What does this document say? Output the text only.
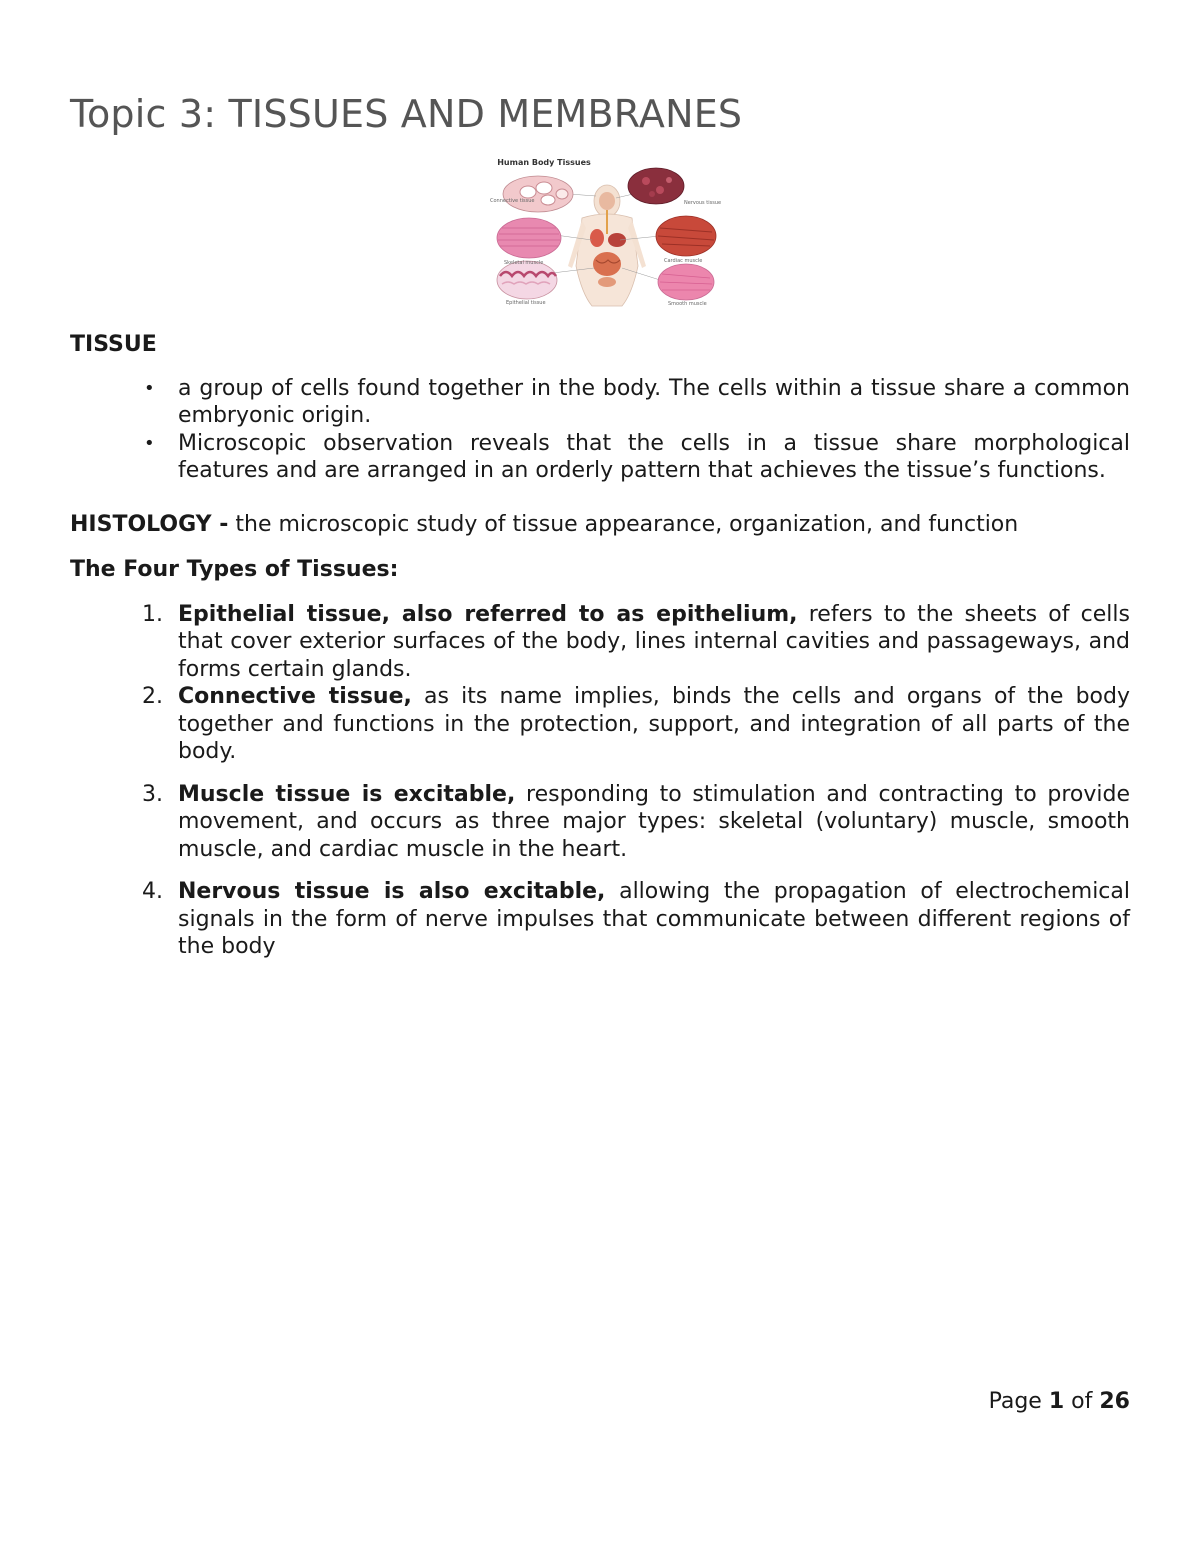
Topic 3: TISSUES AND MEMBRANES
Human Body Tissues
Connective tissue	Nervous tissue
Skeletal muscle	Cardiac muscle
Epithelial tissue	Smooth muscle

TISSUE

• a group of cells found together in the body. The cells within a tissue share a common embryonic origin.
• Microscopic observation reveals that the cells in a tissue share morphological features and are arranged in an orderly pattern that achieves the tissue’s functions.

HISTOLOGY - the microscopic study of tissue appearance, organization, and function

The Four Types of Tissues:

1. Epithelial tissue, also referred to as epithelium, refers to the sheets of cells that cover exterior surfaces of the body, lines internal cavities and passageways, and forms certain glands.
2. Connective tissue, as its name implies, binds the cells and organs of the body together and functions in the protection, support, and integration of all parts of the body.
3. Muscle tissue is excitable, responding to stimulation and contracting to provide movement, and occurs as three major types: skeletal (voluntary) muscle, smooth muscle, and cardiac muscle in the heart.
4. Nervous tissue is also excitable, allowing the propagation of electrochemical signals in the form of nerve impulses that communicate between different regions of the body
Page 1 of 26
